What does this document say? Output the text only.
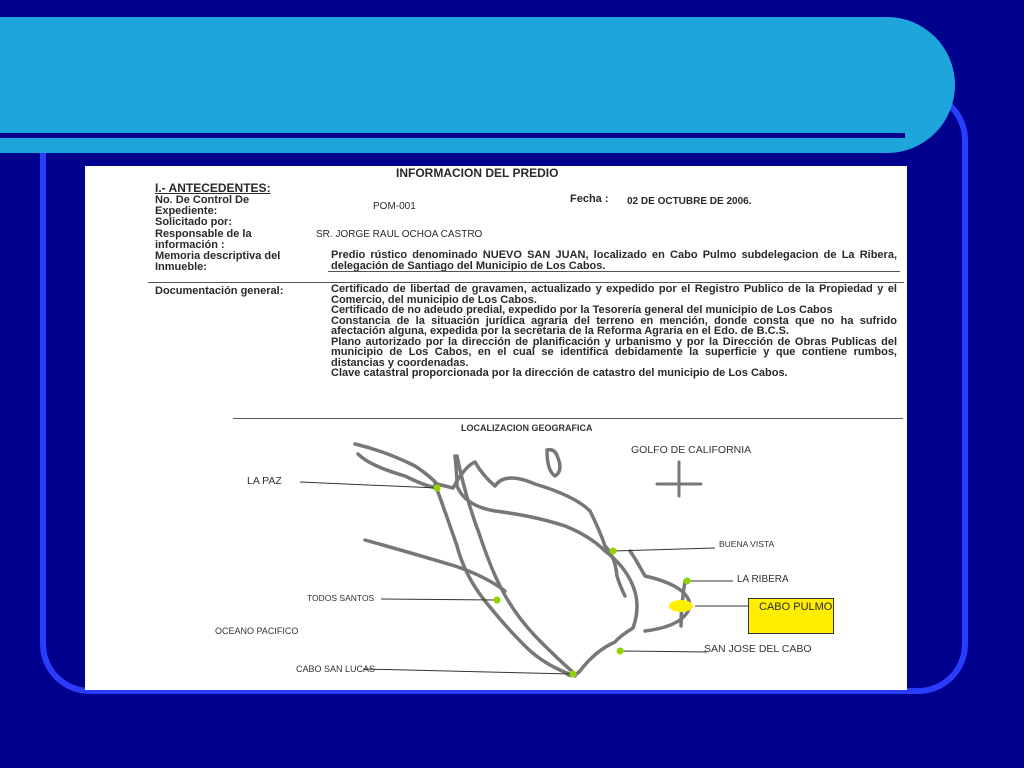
INFORMACION DEL PREDIO
I.- ANTECEDENTES:
No. De Control De Expediente:	POM-001
Fecha : 02 DE OCTUBRE DE 2006.
Solicitado por:
Responsable de la información :
SR. JORGE RAUL OCHOA CASTRO
Memoria descriptiva del Inmueble:
Predio rústico denominado NUEVO SAN JUAN, localizado en Cabo Pulmo subdelegacion de La Ribera, delegación de Santiago del Municipio de Los Cabos.
Documentación general:	Certificado de libertad de gravamen, actualizado y expedido por el Registro Publico de la Propiedad y el Comercio, del municipio de Los Cabos.
Certificado de no adeudo predial, expedido por la Tesorería general del municipio de Los Cabos
Constancia de la situación jurídica agraria del terreno en mención, donde consta que no ha sufrido afectación alguna, expedida por la secretaria de la Reforma Agraria en el Edo. de B.C.S.
Plano autorizado por la dirección de planificación y urbanismo y por la Dirección de Obras Publicas del municipio de Los Cabos, en el cual se identifica debidamente la superficie y que contiene rumbos, distancias y coordenadas.
Clave catastral proporcionada por la dirección de catastro del municipio de Los Cabos.
LOCALIZACION GEOGRAFICA
GOLFO DE CALIFORNIA
LA PAZ
BUENA VISTA
LA RIBERA
CABO PULMO
TODOS SANTOS
OCEANO PACIFICO
SAN JOSE DEL CABO
CABO SAN LUCAS
